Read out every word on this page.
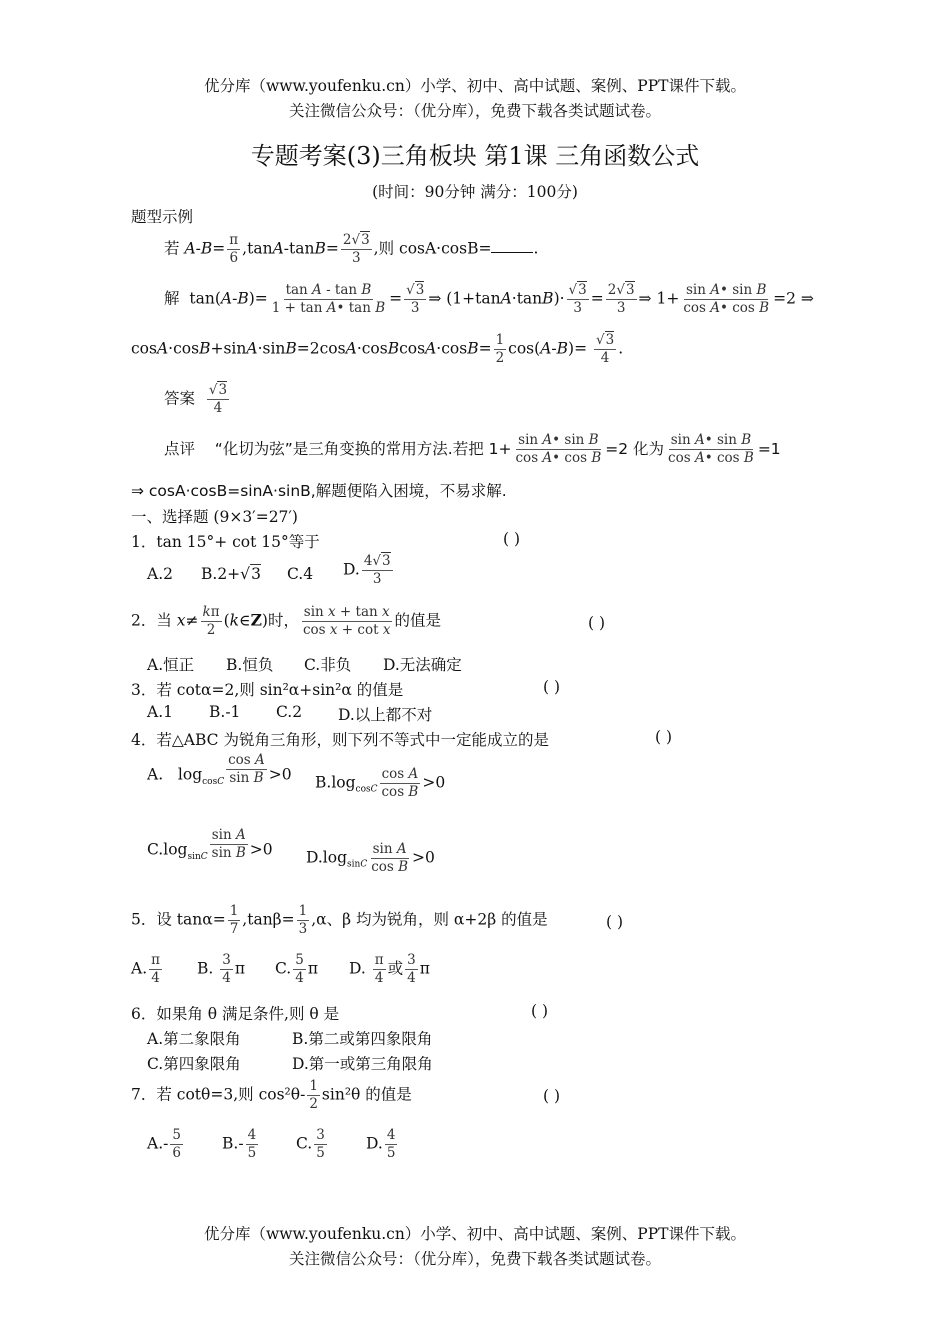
优分库（www.youfenku.cn）小学、初中、高中试题、案例、PPT课件下载。
关注微信公众号：（优分库），免费下载各类试题试卷。
专题考案(3)三角板块 第1课 三角函数公式
(时间：90分钟 满分：100分)
题型示例
若 $A-B= \frac{\pi}{6} ,\tan A-\tan B= \frac{2√3}{3}$ ,则 cosA·cosB=	.
解  $\tan(A-B)= \frac{\text{tan A - tan B}}{\text{1 + tan A• tan B}} = \frac{√3}{3}$ ⇒ $(1+\tan A\cdot\tan B)\cdot \frac{√3}{3} = \frac{2√3}{3}$ ⇒ $1+ \frac{\text{sin A• sin B}}{\text{cos A• cos B}} =2$ ⇒
cosA·cosB+sinA·sinB=2cosA·cosBcosA·cosB= $\frac{1}{2} \cos(A-B)= \frac{√3}{4}$ .
答案 $\frac{√3}{4}$
点评 “化切为弦”是三角变换的常用方法.若把 $1+ \frac{\text{sin A• sin B}}{\text{cos A• cos B}} =2$ 化为 $\frac{\text{sin A• sin B}}{\text{cos A• cos B}} =1$
⇒ cosA·cosB=sinA·sinB,解题便陷入困境，不易求解.
一、选择题 (9×3′=27′)
1．tan 15°+ cot 15°等于	( )
A.2 B.2+√3 C.4 D. $\frac{4√3}{3}$
2．当 $x\ne \frac{k\pi}{2}$ (k∈Z)时， $\frac{\text{sin x + tan x}}{\text{cos x + cot x}}$ 的值是	( )
A.恒正 B.恒负 C.非负 D.无法确定
3．若 cotα=2,则 sin²α+sin²α 的值是	( )
A.1 B.-1 C.2 D.以上都不对
4．若△ABC 为锐角三角形，则下列不等式中一定能成立的是	( )
A.   $\log_{cosC} \frac{\text{cos A}}{\text{sin B}} >0$ $B.\log_{cosC} \frac{\text{cos A}}{\text{cos B}} >0$
$C.\log_{sinC} \frac{\text{sin A}}{\text{sin B}} >0$ $D.\log_{sinC} \frac{\text{sin A}}{\text{cos B}} >0$
5．设 $\tan\alpha= \frac{1}{7} ,\tan\beta= \frac{1}{3} ,\alpha$、β 均为锐角，则 α+2β 的值是	( )
A. $\frac{\pi}{4} B$. $\frac{3}{4}$ π C. $\frac{5}{4}$ π D. $\frac{\pi}{4}$ 或 $\frac{3}{4}$ π
6．如果角 θ 满足条件,则 θ 是	( )
A.第二象限角	B.第二或第四象限角
C.第四象限角	D.第一或第三角限角
7．若 cotθ=3,则 $\cos^2\theta- \frac{1}{2} \sin^2\theta$ 的值是	( )
$A.- \frac{5}{6}$	$B.- \frac{4}{5} C$. $\frac{3}{5}$	D. $\frac{4}{5}$
优分库（www.youfenku.cn）小学、初中、高中试题、案例、PPT课件下载。
关注微信公众号：（优分库），免费下载各类试题试卷。
